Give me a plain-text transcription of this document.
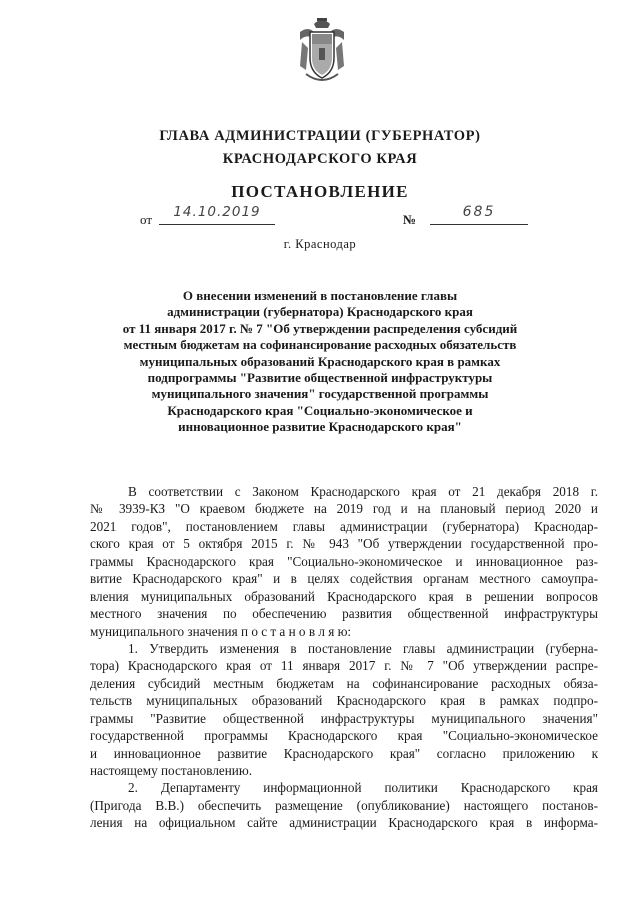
ГЛАВА АДМИНИСТРАЦИИ (ГУБЕРНАТОР)
КРАСНОДАРСКОГО КРАЯ
ПОСТАНОВЛЕНИЕ
от	14.10.2019	№	685
г. Краснодар
О внесении изменений в постановление главы
администрации (губернатора) Краснодарского края
от 11 января 2017 г. № 7 "Об утверждении распределения субсидий
местным бюджетам на софинансирование расходных обязательств
муниципальных образований Краснодарского края в рамках
подпрограммы "Развитие общественной инфраструктуры
муниципального значения" государственной программы
Краснодарского края "Социально-экономическое и
инновационное развитие Краснодарского края"
В соответствии с Законом Краснодарского края от 21 декабря 2018 г.
№ 3939-КЗ "О краевом бюджете на 2019 год и на плановый период 2020 и
2021 годов", постановлением главы администрации (губернатора) Краснодар-
ского края от 5 октября 2015 г. № 943 "Об утверждении государственной про-
граммы Краснодарского края "Социально-экономическое и инновационное раз-
витие Краснодарского края" и в целях содействия органам местного самоупра-
вления муниципальных образований Краснодарского края в решении вопросов
местного значения по обеспечению развития общественной инфраструктуры
муниципального значения п о с т а н о в л я ю:
1. Утвердить изменения в постановление главы администрации (губерна-
тора) Краснодарского края от 11 января 2017 г. № 7 "Об утверждении распре-
деления субсидий местным бюджетам на софинансирование расходных обяза-
тельств муниципальных образований Краснодарского края в рамках подпро-
граммы "Развитие общественной инфраструктуры муниципального значения"
государственной программы Краснодарского края "Социально-экономическое
и инновационное развитие Краснодарского края" согласно приложению к
настоящему постановлению.
2. Департаменту информационной политики Краснодарского края
(Пригода В.В.) обеспечить размещение (опубликование) настоящего постанов-
ления на официальном сайте администрации Краснодарского края в информа-
